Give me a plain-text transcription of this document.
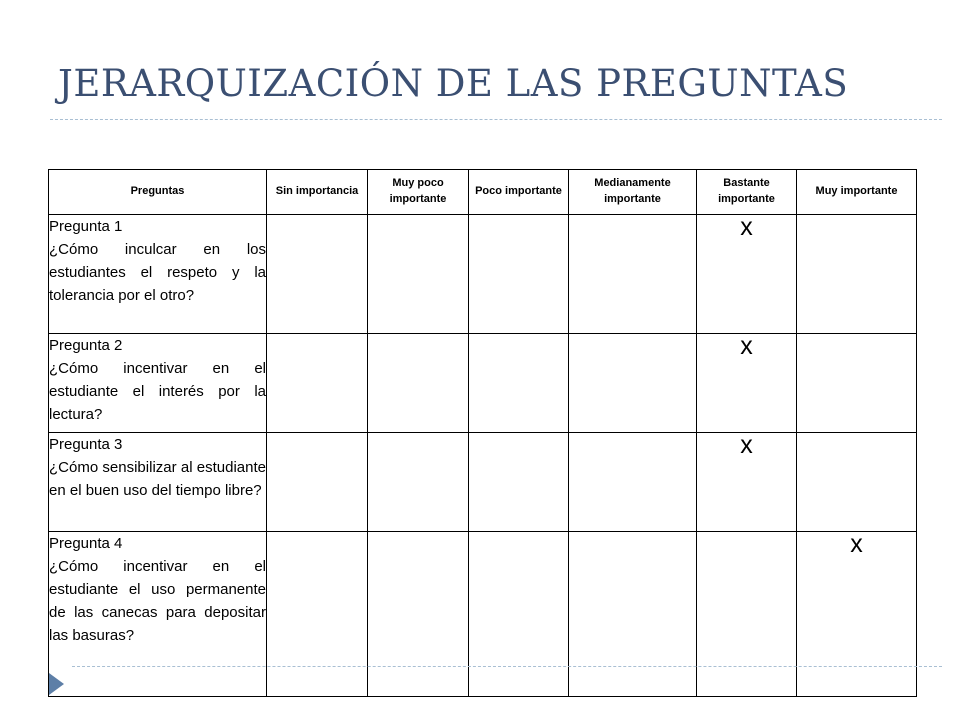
JERARQUIZACIÓN DE LAS PREGUNTAS
Preguntas	Sin importancia	Muy poco importante	Poco importante	Medianamente importante	Bastante importante	Muy importante

Pregunta 1
¿Cómo inculcar en los estudiantes el respeto y la tolerancia por el otro?					x	

Pregunta 2
¿Cómo incentivar en el estudiante el interés por la lectura?					x	

Pregunta 3
¿Cómo sensibilizar al estudiante en el buen uso del tiempo libre?					x	

Pregunta 4
¿Cómo incentivar en el estudiante el uso permanente de las canecas para depositar las basuras?						x
